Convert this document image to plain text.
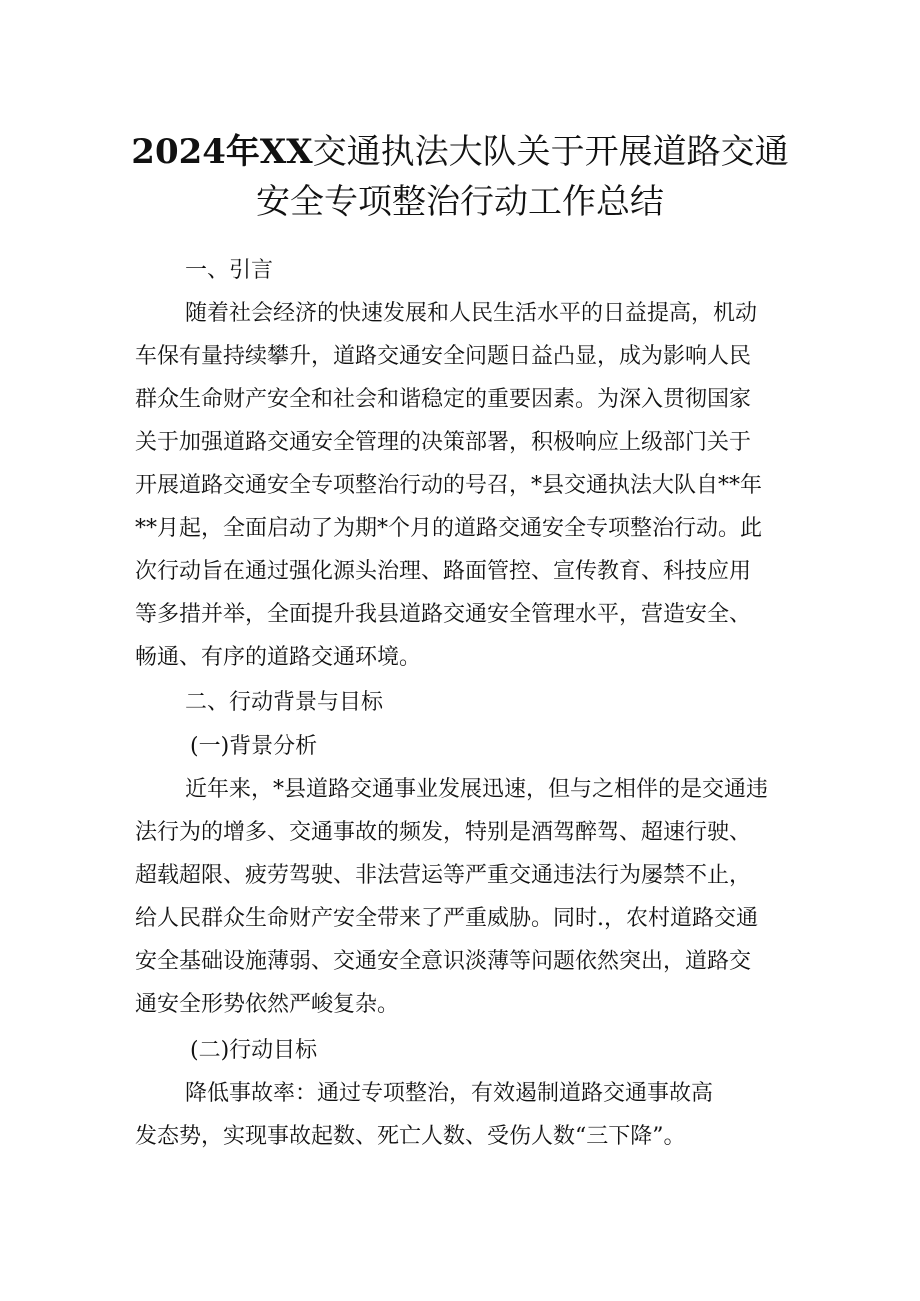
2024年XX交通执法大队关于开展道路交通
安全专项整治行动工作总结
一、引言
随着社会经济的快速发展和人民生活水平的日益提高，机动
车保有量持续攀升，道路交通安全问题日益凸显，成为影响人民
群众生命财产安全和社会和谐稳定的重要因素。为深入贯彻国家
关于加强道路交通安全管理的决策部署，积极响应上级部门关于
开展道路交通安全专项整治行动的号召，*县交通执法大队自**年
**月起，全面启动了为期*个月的道路交通安全专项整治行动。此
次行动旨在通过强化源头治理、路面管控、宣传教育、科技应用
等多措并举，全面提升我县道路交通安全管理水平，营造安全、
畅通、有序的道路交通环境。
二、行动背景与目标
(一)背景分析
近年来，*县道路交通事业发展迅速，但与之相伴的是交通违
法行为的增多、交通事故的频发，特别是酒驾醉驾、超速行驶、
超载超限、疲劳驾驶、非法营运等严重交通违法行为屡禁不止，
给人民群众生命财产安全带来了严重威胁。同时.，农村道路交通
安全基础设施薄弱、交通安全意识淡薄等问题依然突出，道路交
通安全形势依然严峻复杂。
(二)行动目标
降低事故率：通过专项整治，有效遏制道路交通事故高
发态势，实现事故起数、死亡人数、受伤人数“三下降”。
